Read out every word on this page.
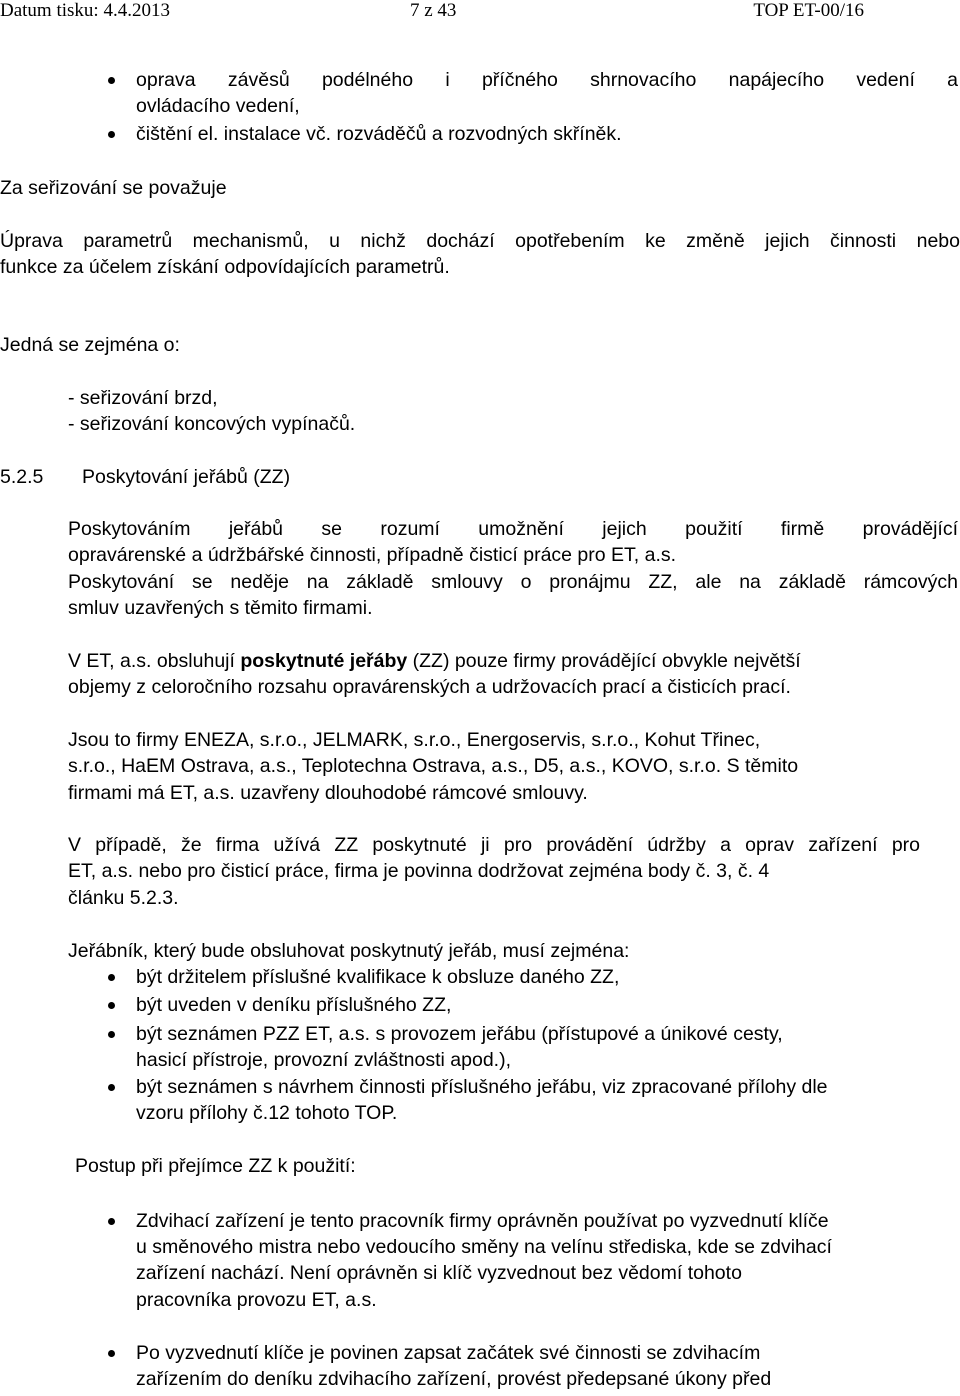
Datum tisku: 4.4.2013	7 z 43	TOP ET-00/16
oprava závěsů podélného i příčného shrnovacího napájecího vedení a
ovládacího vedení,
čištění el. instalace vč. rozváděčů a rozvodných skříněk.
Za seřizování se považuje
Úprava parametrů mechanismů, u nichž dochází opotřebením ke změně jejich činnosti nebo
funkce za účelem získání odpovídajících parametrů.
Jedná se zejména o:
- seřizování brzd,
- seřizování koncových vypínačů.
5.2.5 Poskytování jeřábů (ZZ)
Poskytováním jeřábů se rozumí umožnění jejich použití firmě provádějící
opravárenské a údržbářské činnosti, případně čisticí práce pro ET, a.s.
Poskytování se neděje na základě smlouvy o pronájmu ZZ, ale na základě rámcových
smluv uzavřených s těmito firmami.
V ET, a.s. obsluhují poskytnuté jeřáby (ZZ) pouze firmy provádějící obvykle největší
objemy z celoročního rozsahu opravárenských a udržovacích prací a čisticích prací.
Jsou to firmy ENEZA, s.r.o., JELMARK, s.r.o., Energoservis, s.r.o., Kohut Třinec,
s.r.o., HaEM Ostrava, a.s., Teplotechna Ostrava, a.s., D5, a.s., KOVO, s.r.o. S těmito
firmami má ET, a.s. uzavřeny dlouhodobé rámcové smlouvy.
V případě, že firma užívá ZZ poskytnuté ji pro provádění údržby a oprav zařízení pro
ET, a.s. nebo pro čisticí práce, firma je povinna dodržovat zejména body č. 3, č. 4
článku 5.2.3.
Jeřábník, který bude obsluhovat poskytnutý jeřáb, musí zejména:
být držitelem příslušné kvalifikace k obsluze daného ZZ,
být uveden v deníku příslušného ZZ,
být seznámen PZZ ET, a.s. s provozem jeřábu (přístupové a únikové cesty,
hasicí přístroje, provozní zvláštnosti apod.),
být seznámen s návrhem činnosti příslušného jeřábu, viz zpracované přílohy dle
vzoru přílohy č.12 tohoto TOP.
Postup při přejímce ZZ k použití:
Zdvihací zařízení je tento pracovník firmy oprávněn používat po vyzvednutí klíče
u směnového mistra nebo vedoucího směny na velínu střediska, kde se zdvihací
zařízení nachází. Není oprávněn si klíč vyzvednout bez vědomí tohoto
pracovníka provozu ET, a.s.
Po vyzvednutí klíče je povinen zapsat začátek své činnosti se zdvihacím
zařízením do deníku zdvihacího zařízení, provést předepsané úkony před
